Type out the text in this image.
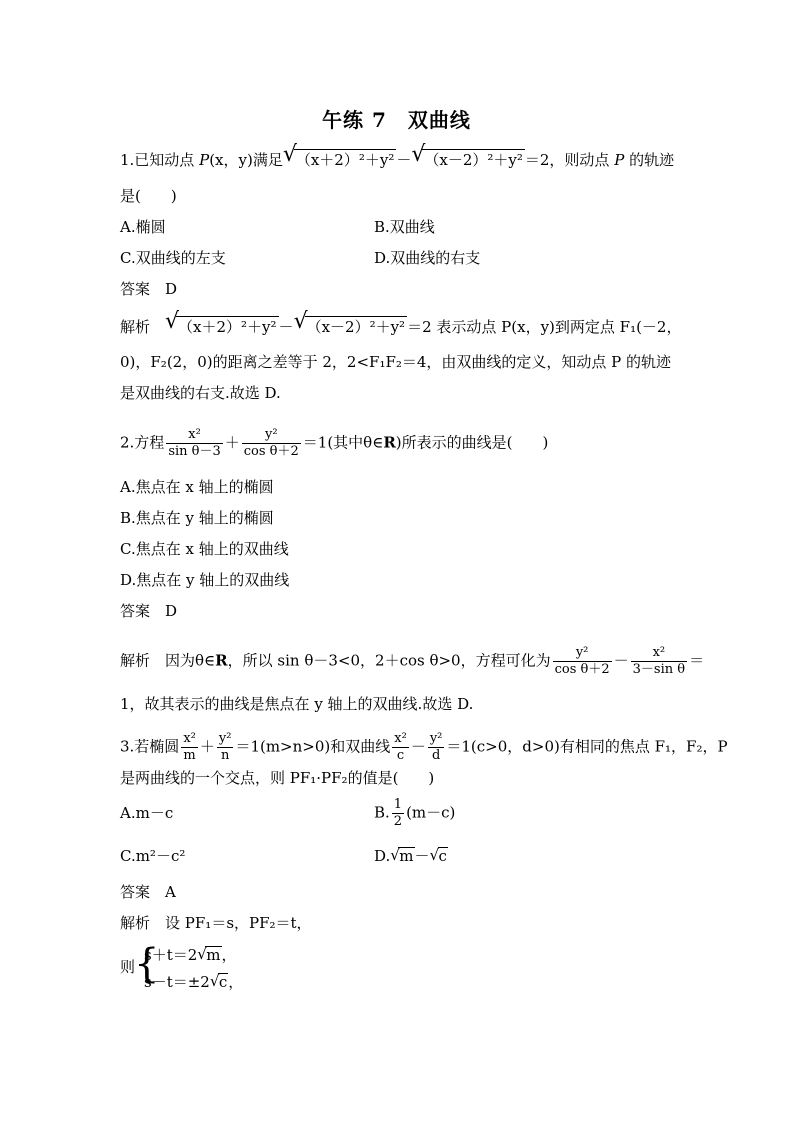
午练 7　双曲线
1.已知动点 P(x，y)满足 √ （x＋2）²＋y² － √ （x－2）²＋y² ＝2，则动点 P 的轨迹
是(　　)
A.椭圆	B.双曲线
C.双曲线的左支	D.双曲线的右支
答案　 D
解析　 √ （x＋2）²＋y² － √ （x－2）²＋y² ＝2 表示动点 P(x，y)到两定点 F₁(－2，
0)，F₂(2，0)的距离之差等于 2，2<F₁F₂＝4，由双曲线的定义，知动点 P 的轨迹
是双曲线的右支.故选 D.
2.方程 $\frac{\text{x²}}{\text{sin θ－3}} + \frac{\text{y²}}{\text{cos θ＋2}} =1$(其中θ∈R)所表示的曲线是(　　)
A.焦点在 x 轴上的椭圆
B.焦点在 y 轴上的椭圆
C.焦点在 x 轴上的双曲线
D.焦点在 y 轴上的双曲线
答案　 D
解析　 因为θ∈R，所以 sin θ－3<0，2＋cos θ>0，方程可化为 $\frac{\text{y²}}{\text{cos θ＋2}} - \frac{\text{x²}}{\text{3－sin θ}}$ ＝
1，故其表示的曲线是焦点在 y 轴上的双曲线.故选 D.
3.若椭圆 $\frac{\text{x²}}{m} + \frac{\text{y²}}{n} =1(m>n>0)$和双曲线 $\frac{\text{x²}}{c} - \frac{\text{y²}}{d} =1(c>0$，d>0)有相同的焦点 F₁，F₂，P
是两曲线的一个交点，则 PF₁·PF₂的值是(　　)
A.m－c	B. $\frac{1}{2} (m-c)$
C.m²－c²	D. √ m－ √ c
答案　 A
解析　 设 PF₁＝s，PF₂＝t，
则
{
s＋t＝2 √ m，
s－t＝±2 √ c，
